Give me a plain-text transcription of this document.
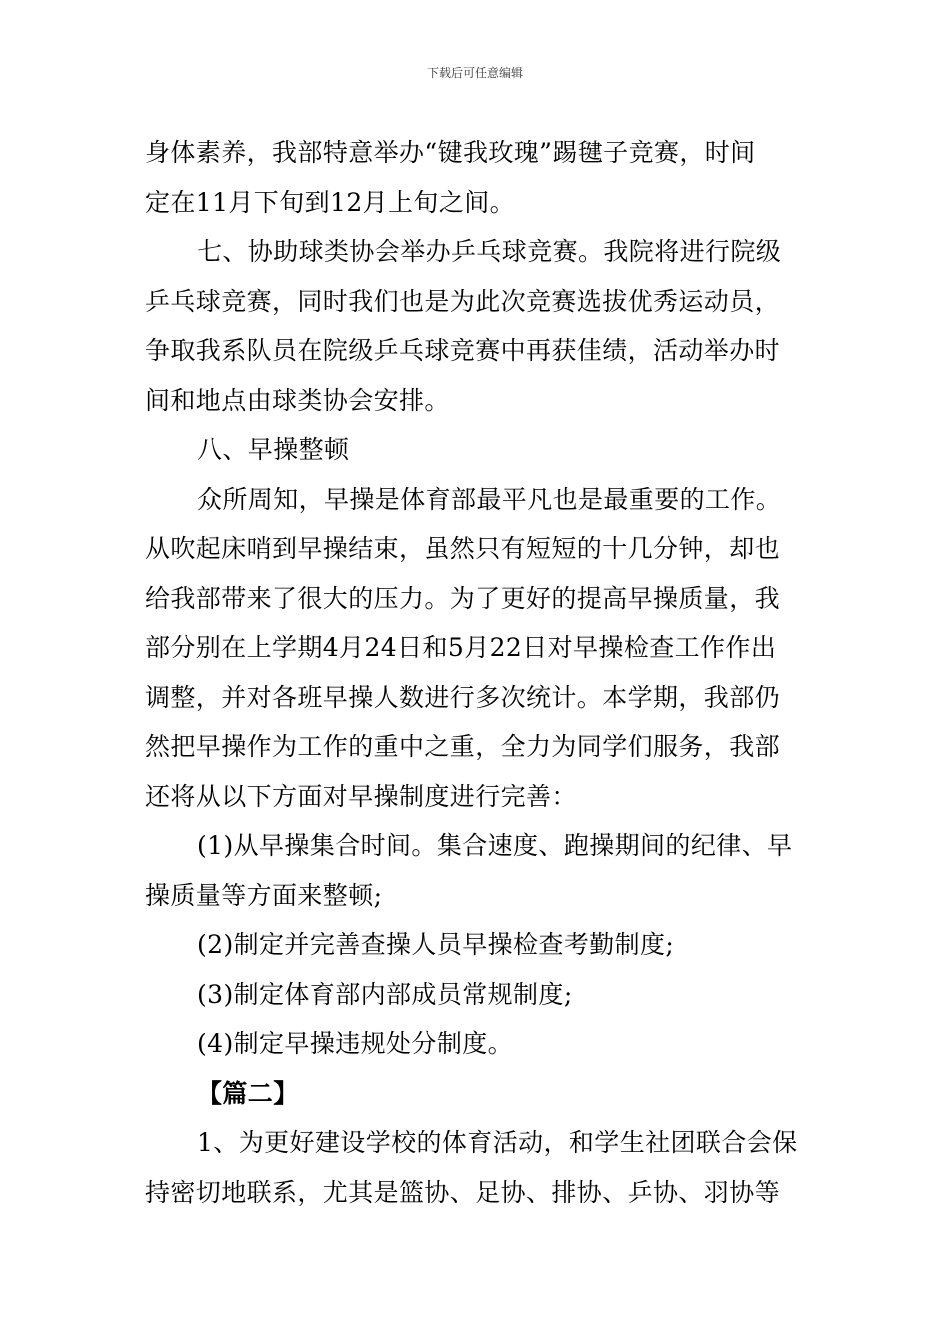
下载后可任意编辑
身体素养，我部特意举办“键我玫瑰”踢毽子竞赛，时间
定在11月下旬到12月上旬之间。
七、协助球类协会举办乒乓球竞赛。我院将进行院级
乒乓球竞赛，同时我们也是为此次竞赛选拔优秀运动员，
争取我系队员在院级乒乓球竞赛中再获佳绩，活动举办时
间和地点由球类协会安排。
八、早操整顿
众所周知，早操是体育部最平凡也是最重要的工作。
从吹起床哨到早操结束，虽然只有短短的十几分钟，却也
给我部带来了很大的压力。为了更好的提高早操质量，我
部分别在上学期4月24日和5月22日对早操检查工作作出
调整，并对各班早操人数进行多次统计。本学期，我部仍
然把早操作为工作的重中之重，全力为同学们服务，我部
还将从以下方面对早操制度进行完善：
(1)从早操集合时间。集合速度、跑操期间的纪律、早
操质量等方面来整顿;
(2)制定并完善查操人员早操检查考勤制度;
(3)制定体育部内部成员常规制度;
(4)制定早操违规处分制度。
【篇二】
1、为更好建设学校的体育活动，和学生社团联合会保
持密切地联系，尤其是篮协、足协、排协、乒协、羽协等
